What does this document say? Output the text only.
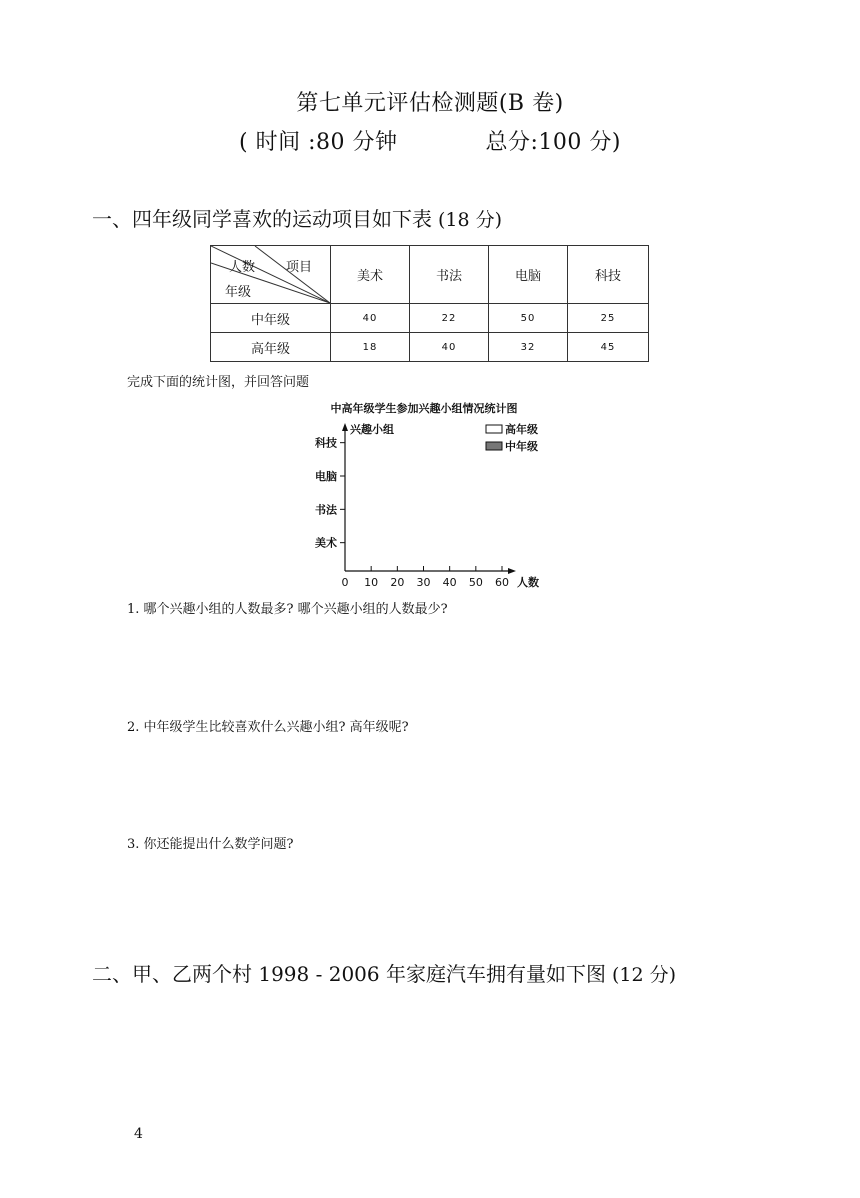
第七单元评估检测题(B 卷)
( 时间 :80 分钟	总分:100 分)
一、四年级同学喜欢的运动项目如下表 (18 分)
人数 项目
年级	美术	书法	电脑	科技
中年级	40	22	50	25
高年级	18	40	32	45
完成下面的统计图，并回答问题
中高年级学生参加兴趣小组情况统计图
兴趣小组
人数
美术
书法
电脑
科技
0 10 20 30 40 50 60
高年级
中年级
1. 哪个兴趣小组的人数最多? 哪个兴趣小组的人数最少?
2. 中年级学生比较喜欢什么兴趣小组? 高年级呢?
3. 你还能提出什么数学问题?
二、甲、乙两个村 1998 - 2006 年家庭汽车拥有量如下图 (12 分)
4
